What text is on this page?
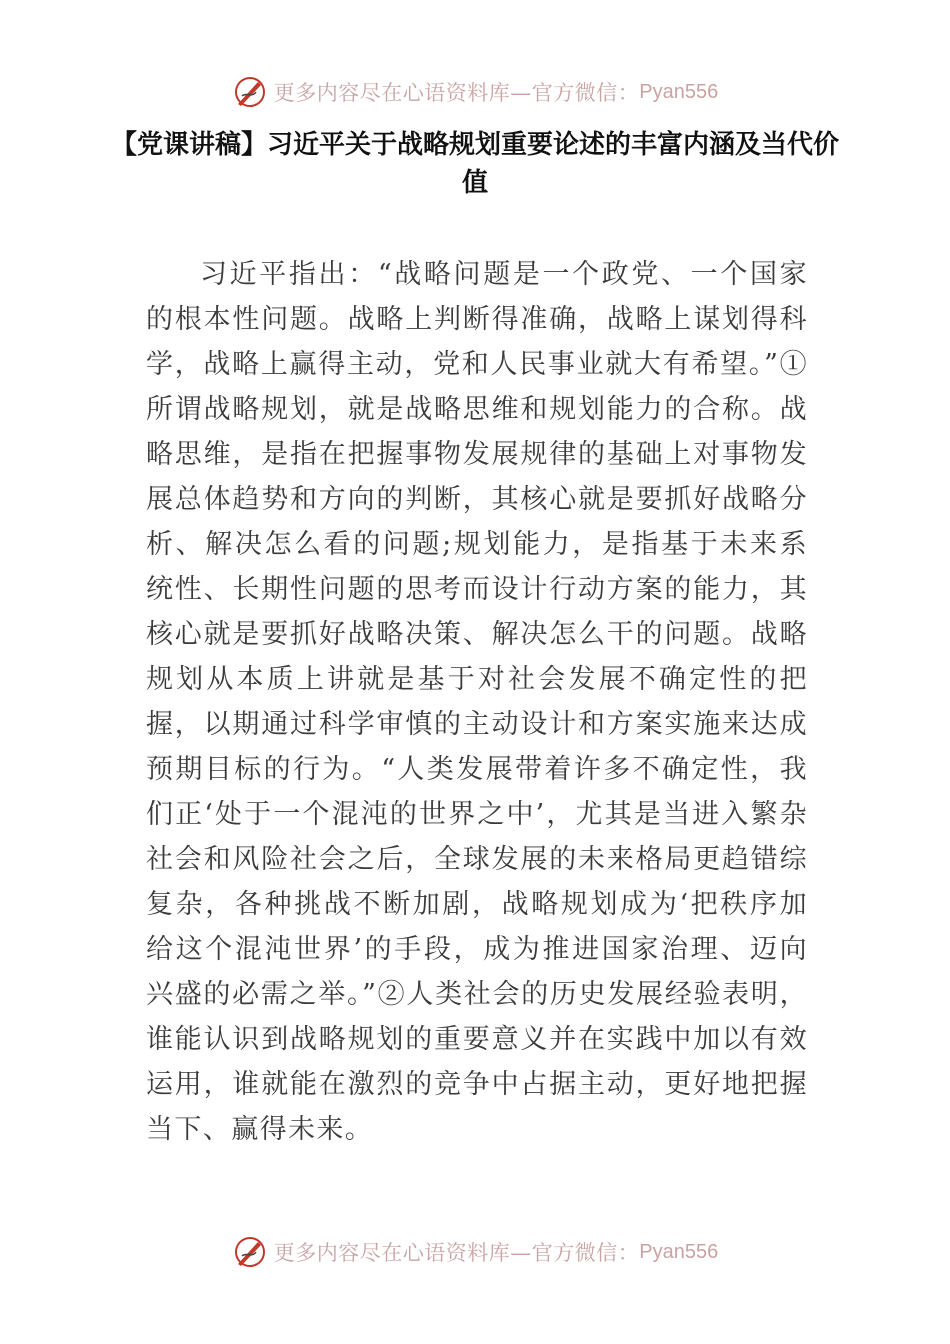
更多内容尽在心语资料库—官方微信： Pyan556
【党课讲稿】习近平关于战略规划重要论述的丰富内涵及当代价值

习近平指出：“战略问题是一个政党、一个国家的根本性问题。战略上判断得准确，战略上谋划得科学，战略上赢得主动，党和人民事业就大有希望。”①所谓战略规划，就是战略思维和规划能力的合称。战略思维，是指在把握事物发展规律的基础上对事物发展总体趋势和方向的判断，其核心就是要抓好战略分析、解决怎么看的问题;规划能力，是指基于未来系统性、长期性问题的思考而设计行动方案的能力，其核心就是要抓好战略决策、解决怎么干的问题。战略规划从本质上讲就是基于对社会发展不确定性的把握，以期通过科学审慎的主动设计和方案实施来达成预期目标的行为。“人类发展带着许多不确定性，我们正‘处于一个混沌的世界之中’，尤其是当进入繁杂社会和风险社会之后，全球发展的未来格局更趋错综复杂，各种挑战不断加剧，战略规划成为‘把秩序加给这个混沌世界’的手段，成为推进国家治理、迈向兴盛的必需之举。”②人类社会的历史发展经验表明，谁能认识到战略规划的重要意义并在实践中加以有效运用，谁就能在激烈的竞争中占据主动，更好地把握当下、赢得未来。

更多内容尽在心语资料库—官方微信： Pyan556
